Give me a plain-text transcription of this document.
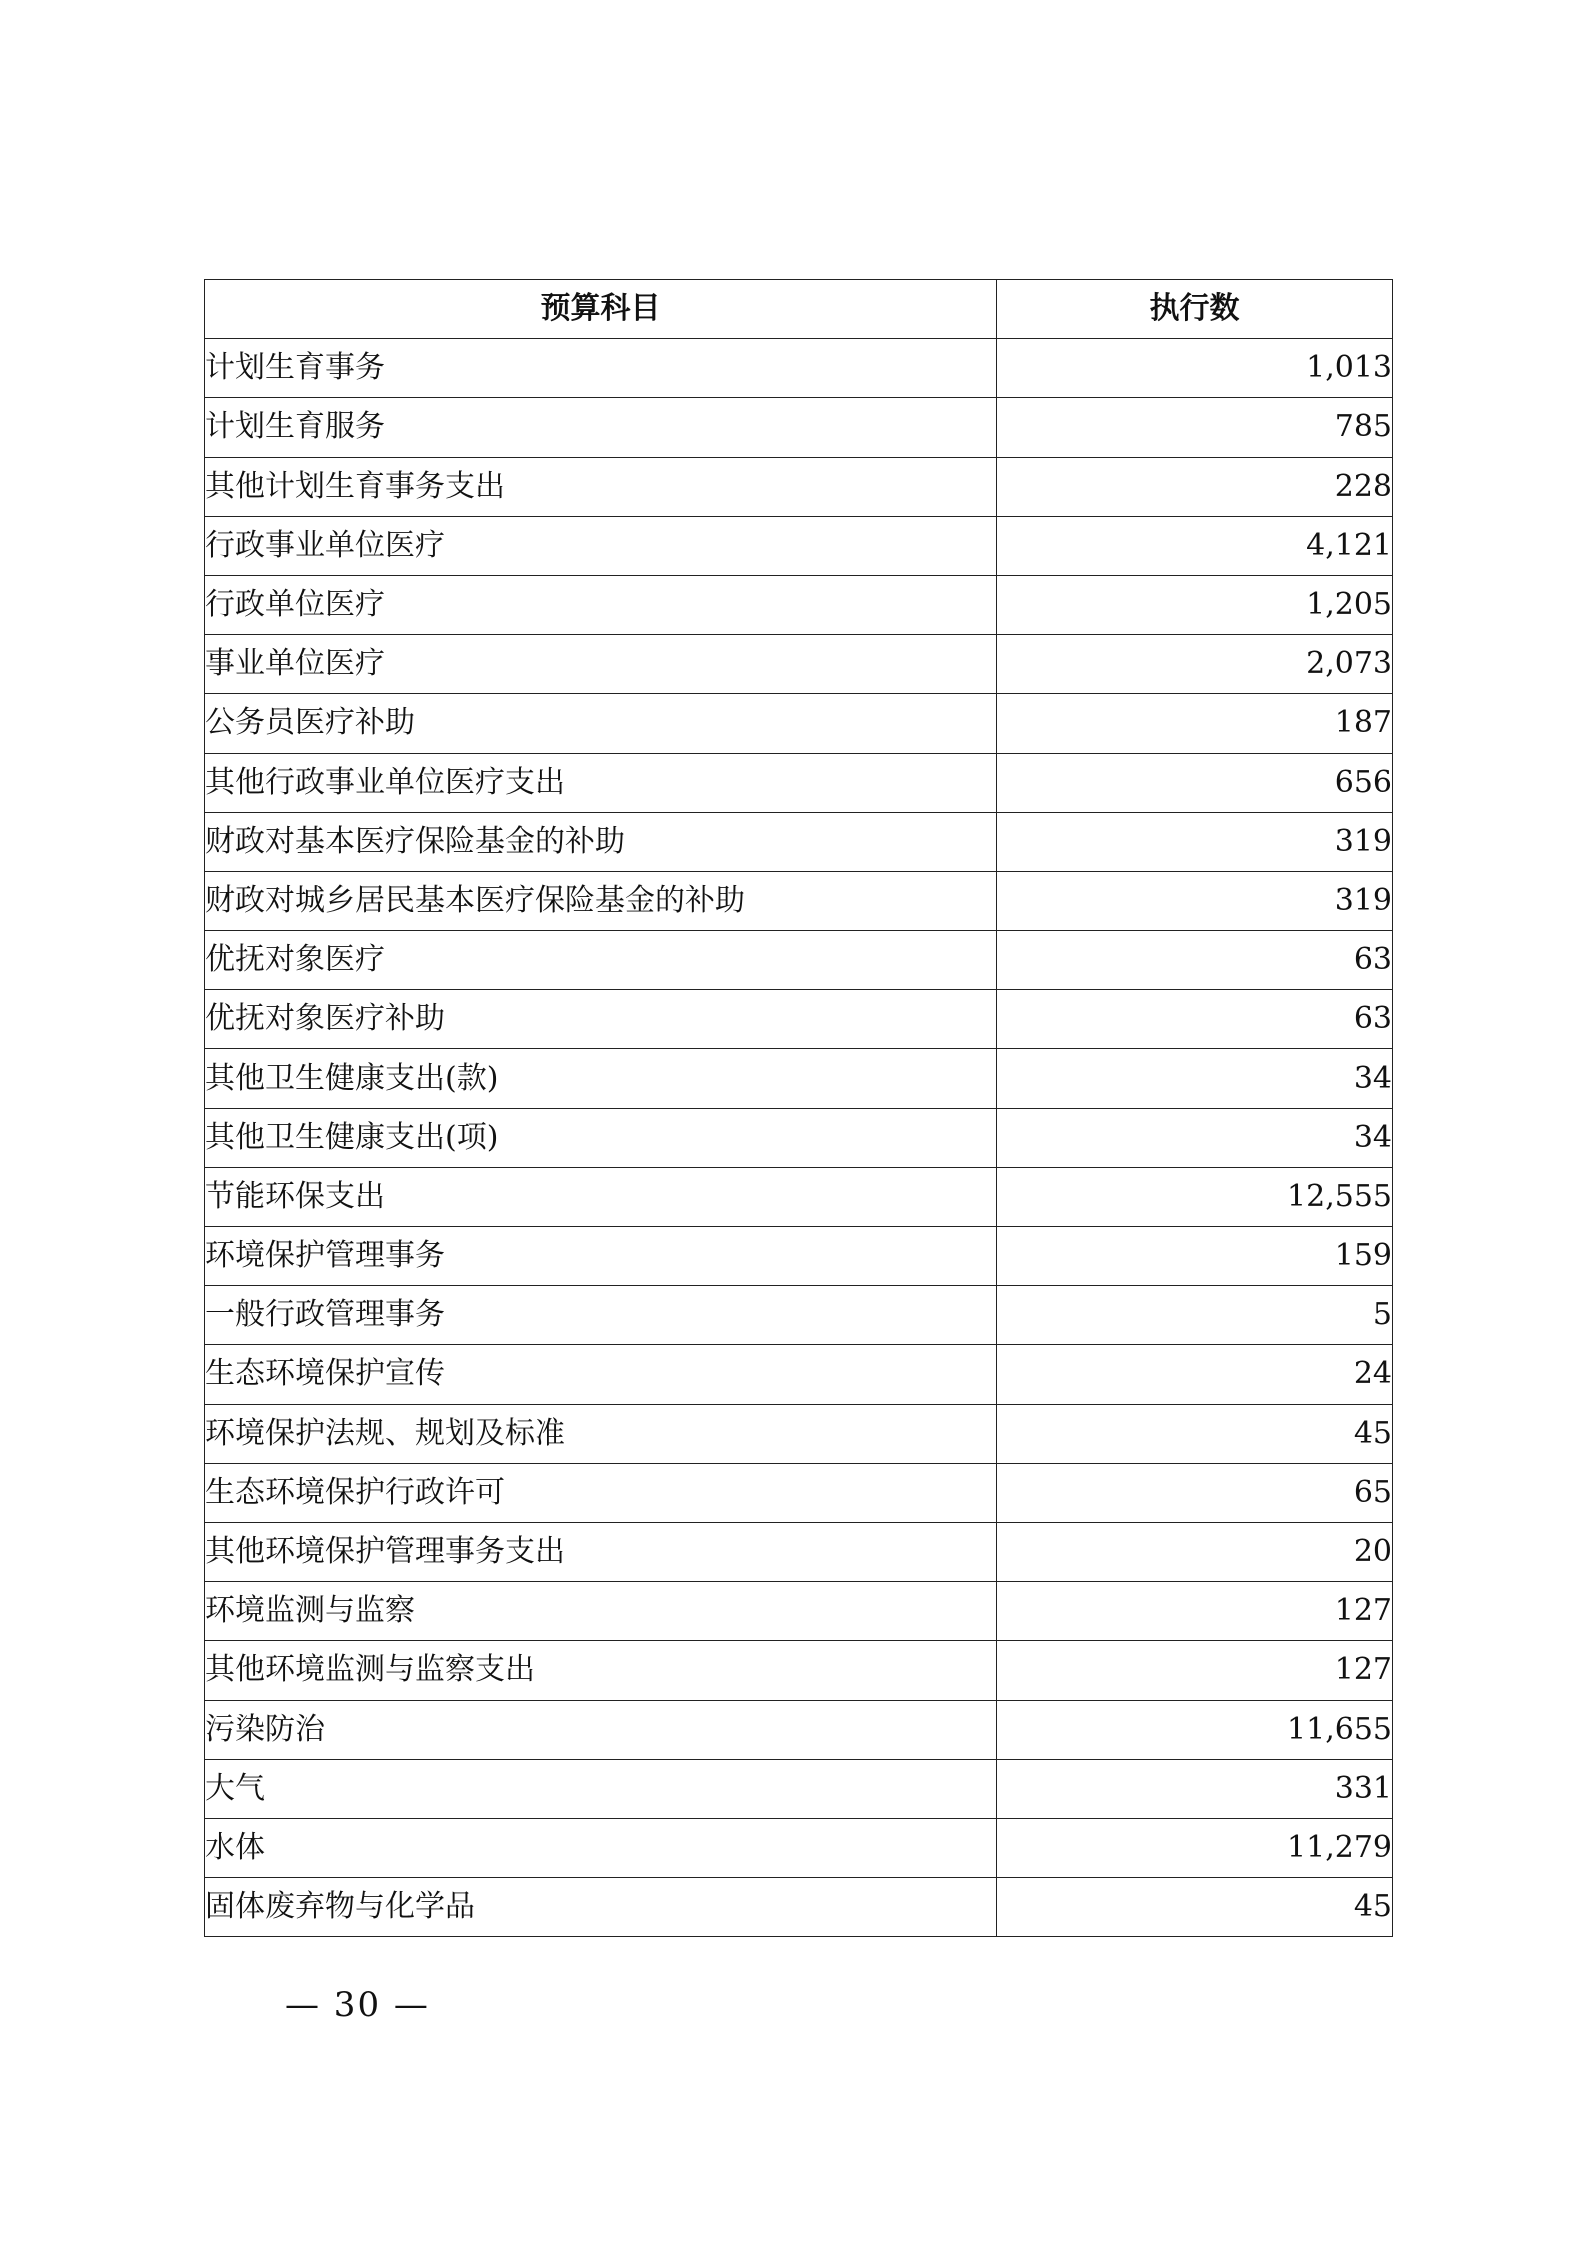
预算科目	执行数
计划生育事务	1,013
计划生育服务	785
其他计划生育事务支出	228
行政事业单位医疗	4,121
行政单位医疗	1,205
事业单位医疗	2,073
公务员医疗补助	187
其他行政事业单位医疗支出	656
财政对基本医疗保险基金的补助	319
财政对城乡居民基本医疗保险基金的补助	319
优抚对象医疗	63
优抚对象医疗补助	63
其他卫生健康支出(款)	34
其他卫生健康支出(项)	34
节能环保支出	12,555
环境保护管理事务	159
一般行政管理事务	5
生态环境保护宣传	24
环境保护法规、规划及标准	45
生态环境保护行政许可	65
其他环境保护管理事务支出	20
环境监测与监察	127
其他环境监测与监察支出	127
污染防治	11,655
大气	331
水体	11,279
固体废弃物与化学品	45
— 30 —
